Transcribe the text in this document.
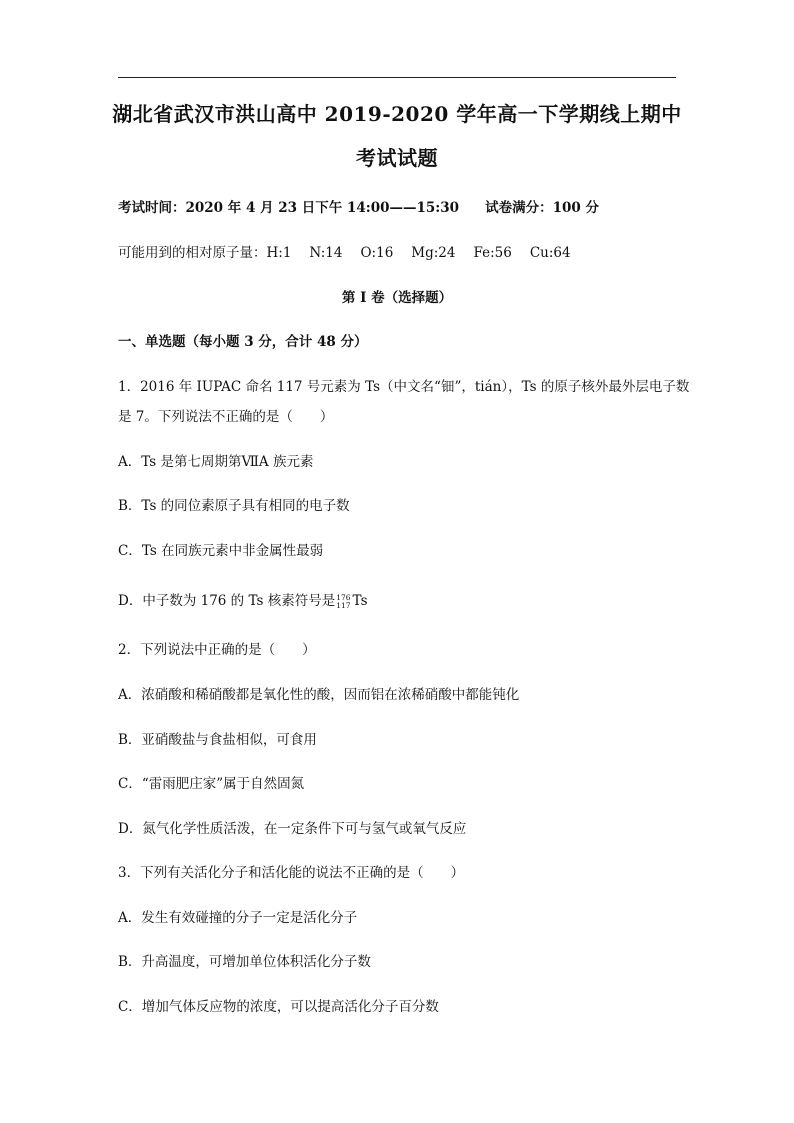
湖北省武汉市洪山高中 2019-2020 学年高一下学期线上期中
考试试题
考试时间：2020 年 4 月 23 日下午 14:00——15:30 试卷满分：100 分
可能用到的相对原子量：H:1 N:14 O:16 Mg:24 Fe:56 Cu:64
第 I 卷（选择题）
一、单选题（每小题 3 分，合计 48 分）
1．2016 年 IUPAC 命名 117 号元素为 Ts（中文名“钿”，tián），Ts 的原子核外最外层电子数
是 7。下列说法不正确的是（　　）
A．Ts 是第七周期第ⅦA 族元素
B．Ts 的同位素原子具有相同的电子数
C．Ts 在同族元素中非金属性最弱
D．中子数为 176 的 Ts 核素符号是 176
117 Ts
2．下列说法中正确的是（　　）
A．浓硝酸和稀硝酸都是氧化性的酸，因而铝在浓稀硝酸中都能钝化
B．亚硝酸盐与食盐相似，可食用
C．“雷雨肥庄家”属于自然固氮
D．氮气化学性质活泼，在一定条件下可与氢气或氧气反应
3．下列有关活化分子和活化能的说法不正确的是（　　）
A．发生有效碰撞的分子一定是活化分子
B．升高温度，可增加单位体积活化分子数
C．增加气体反应物的浓度，可以提高活化分子百分数
